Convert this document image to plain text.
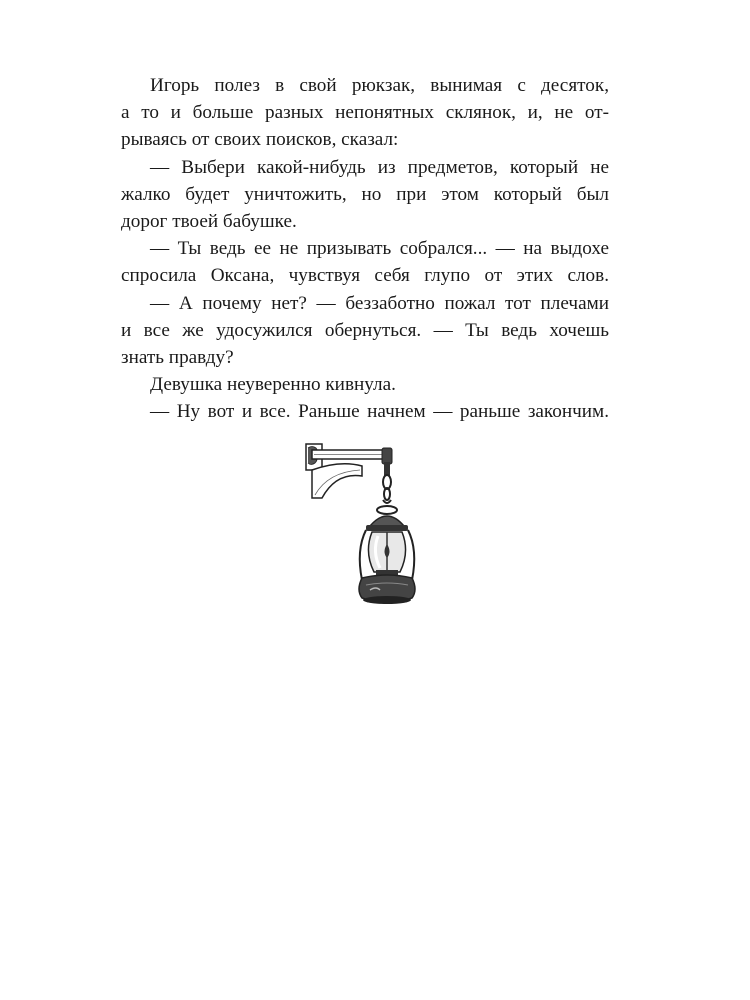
Игорь полез в свой рюкзак, вынимая с десяток,
а то и больше разных непонятных склянок, и, не от-
рываясь от своих поисков, сказал:
— Выбери какой-нибудь из предметов, который не
жалко будет уничтожить, но при этом который был
дорог твоей бабушке.
— Ты ведь ее не призывать собрался... — на выдохе
спросила Оксана, чувствуя себя глупо от этих слов.
— А почему нет? — беззаботно пожал тот плечами
и все же удосужился обернуться. — Ты ведь хочешь
знать правду?
Девушка неуверенно кивнула.
— Ну вот и все. Раньше начнем — раньше закончим.
